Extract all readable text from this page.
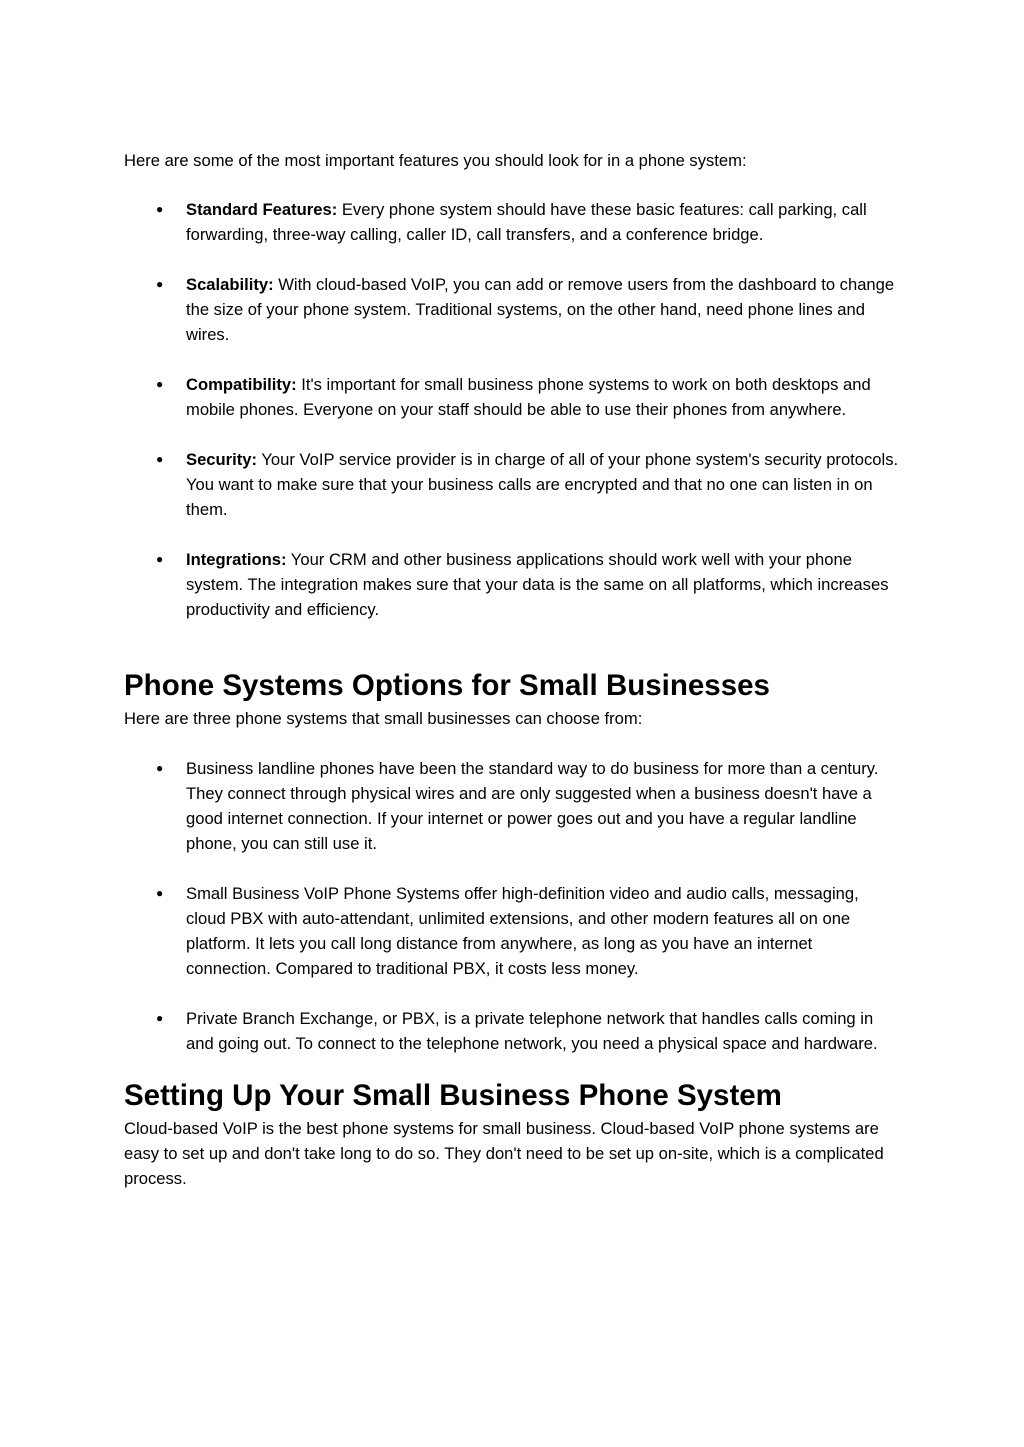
Here are some of the most important features you should look for in a phone system:

● Standard Features: Every phone system should have these basic features: call parking, call forwarding, three-way calling, caller ID, call transfers, and a conference bridge.
● Scalability: With cloud-based VoIP, you can add or remove users from the dashboard to change the size of your phone system. Traditional systems, on the other hand, need phone lines and wires.
● Compatibility: It's important for small business phone systems to work on both desktops and mobile phones. Everyone on your staff should be able to use their phones from anywhere.
● Security: Your VoIP service provider is in charge of all of your phone system's security protocols. You want to make sure that your business calls are encrypted and that no one can listen in on them.
● Integrations: Your CRM and other business applications should work well with your phone system. The integration makes sure that your data is the same on all platforms, which increases productivity and efficiency.
Phone Systems Options for Small Businesses

Here are three phone systems that small businesses can choose from:

● Business landline phones have been the standard way to do business for more than a century. They connect through physical wires and are only suggested when a business doesn't have a good internet connection. If your internet or power goes out and you have a regular landline phone, you can still use it.
● Small Business VoIP Phone Systems offer high-definition video and audio calls, messaging, cloud PBX with auto-attendant, unlimited extensions, and other modern features all on one platform. It lets you call long distance from anywhere, as long as you have an internet connection. Compared to traditional PBX, it costs less money.
● Private Branch Exchange, or PBX, is a private telephone network that handles calls coming in and going out. To connect to the telephone network, you need a physical space and hardware.
Setting Up Your Small Business Phone System

Cloud-based VoIP is the best phone systems for small business. Cloud-based VoIP phone systems are easy to set up and don't take long to do so. They don't need to be set up on-site, which is a complicated process.
